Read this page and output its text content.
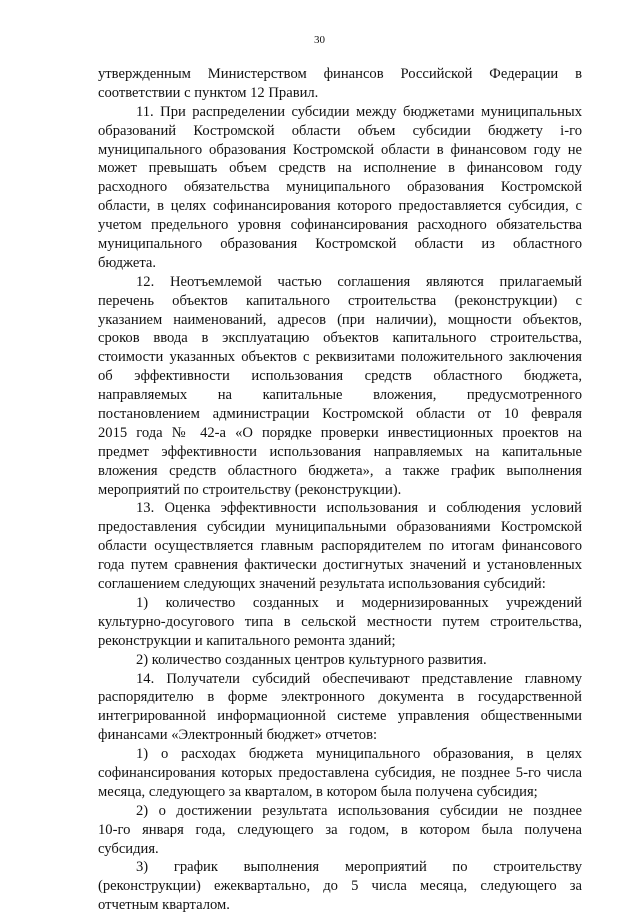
30
утвержденным Министерством финансов Российской Федерации в
соответствии с пунктом 12 Правил.
11. При распределении субсидии между бюджетами муниципальных
образований Костромской области объем субсидии бюджету i-го
муниципального образования Костромской области в финансовом году не
может превышать объем средств на исполнение в финансовом году
расходного обязательства муниципального образования Костромской
области, в целях софинансирования которого предоставляется субсидия, с
учетом предельного уровня софинансирования расходного обязательства
муниципального образования Костромской области из областного
бюджета.
12. Неотъемлемой частью соглашения являются прилагаемый
перечень объектов капитального строительства (реконструкции) с
указанием наименований, адресов (при наличии), мощности объектов,
сроков ввода в эксплуатацию объектов капитального строительства,
стоимости указанных объектов с реквизитами положительного заключения
об эффективности использования средств областного бюджета,
направляемых на капитальные вложения, предусмотренного
постановлением администрации Костромской области от 10 февраля
2015 года № 42-а «О порядке проверки инвестиционных проектов на
предмет эффективности использования направляемых на капитальные
вложения средств областного бюджета», а также график выполнения
мероприятий по строительству (реконструкции).
13. Оценка эффективности использования и соблюдения условий
предоставления субсидии муниципальными образованиями Костромской
области осуществляется главным распорядителем по итогам финансового
года путем сравнения фактически достигнутых значений и установленных
соглашением следующих значений результата использования субсидий:
1) количество созданных и модернизированных учреждений
культурно-досугового типа в сельской местности путем строительства,
реконструкции и капитального ремонта зданий;
2) количество созданных центров культурного развития.
14. Получатели субсидий обеспечивают представление главному
распорядителю в форме электронного документа в государственной
интегрированной информационной системе управления общественными
финансами «Электронный бюджет» отчетов:
1) о расходах бюджета муниципального образования, в целях
софинансирования которых предоставлена субсидия, не позднее 5-го числа
месяца, следующего за кварталом, в котором была получена субсидия;
2) о достижении результата использования субсидии не позднее
10-го января года, следующего за годом, в котором была получена
субсидия.
3) график выполнения мероприятий по строительству
(реконструкции) ежеквартально, до 5 числа месяца, следующего за
отчетным кварталом.
